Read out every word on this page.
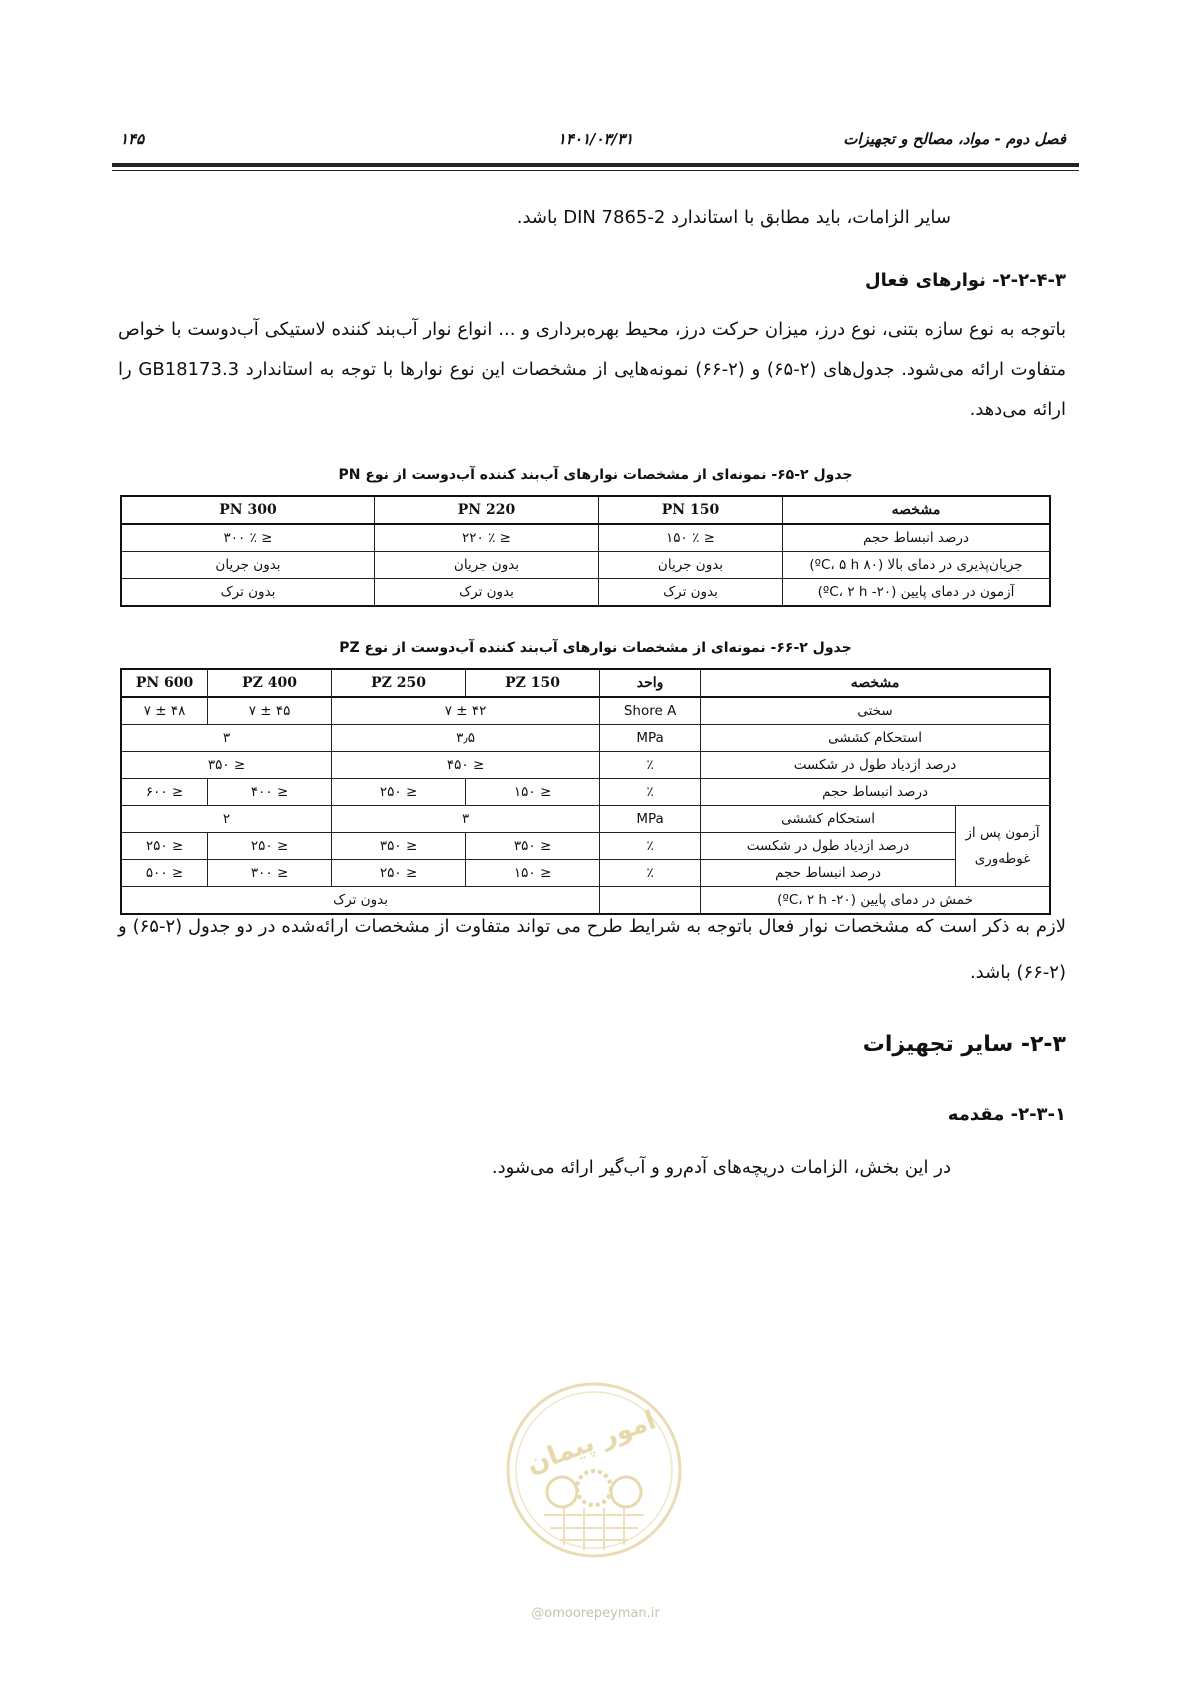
فصل دوم - مواد، مصالح و تجهیزات
۱۴۰۱/۰۳/۳۱
۱۴۵
سایر الزامات، باید مطابق با استاندارد DIN 7865-2 باشد.
۲-۲-۴-۳- نوارهای فعال
باتوجه به نوع سازه بتنی، نوع درز، میزان حرکت درز، محیط بهره‌برداری و ... انواع نوار آب‌بند کننده لاستیکی آب‌دوست با خواص متفاوت ارائه می‌شود. جدول‌های (۲-۶۵) و (۲-۶۶) نمونه‌هایی از مشخصات این نوع نوارها با توجه به استاندارد GB18173.3 را ارائه می‌دهد.
جدول ۲-۶۵- نمونه‌ای از مشخصات نوارهای آب‌بند کننده آب‌دوست از نوع PN
مشخصه	PN 150	PN 220	PN 300
درصد انبساط حجم	≤ ٪ ۱۵۰	≤ ٪ ۲۲۰	≤ ٪ ۳۰۰
جریان‌پذیری در دمای بالا (۸۰ ºC، ۵ h)	بدون جریان	بدون جریان	بدون جریان
آزمون در دمای پایین (۲۰- ºC، ۲ h)	بدون ترک	بدون ترک	بدون ترک
جدول ۲-۶۶- نمونه‌ای از مشخصات نوارهای آب‌بند کننده آب‌دوست از نوع PZ
مشخصه		واحد	PZ 150	PZ 250	PZ 400	PN 600
سختی		Shore A	۴۲ ± ۷		۴۵ ± ۷	۴۸ ± ۷
استحکام کششی		MPa	۳٫۵		۳	
درصد ازدیاد طول در شکست		٪	≤ ۴۵۰		≤ ۳۵۰	
درصد انبساط حجم		٪	≤ ۱۵۰	≤ ۲۵۰	≤ ۴۰۰	≤ ۶۰۰
آزمون پس از غوطه‌وری	استحکام کششی	MPa	۳		۲	
	درصد ازدیاد طول در شکست	٪	≤ ۳۵۰	≤ ۳۵۰	≤ ۲۵۰	≤ ۲۵۰
	درصد انبساط حجم	٪	≤ ۱۵۰	≤ ۲۵۰	≤ ۳۰۰	≤ ۵۰۰
خمش در دمای پایین (۲۰- ºC، ۲ h)			بدون ترک			
لازم به ذکر است که مشخصات نوار فعال باتوجه به شرایط طرح می تواند متفاوت از مشخصات ارائه‌شده در دو جدول (۲-۶۵) و (۲-۶۶) باشد.
۲-۳- سایر تجهیزات
۲-۳-۱- مقدمه
در این بخش، الزامات دریچه‌های آدم‌رو و آب‌گیر ارائه می‌شود.
امور پیمان
@omoorepeyman.ir
